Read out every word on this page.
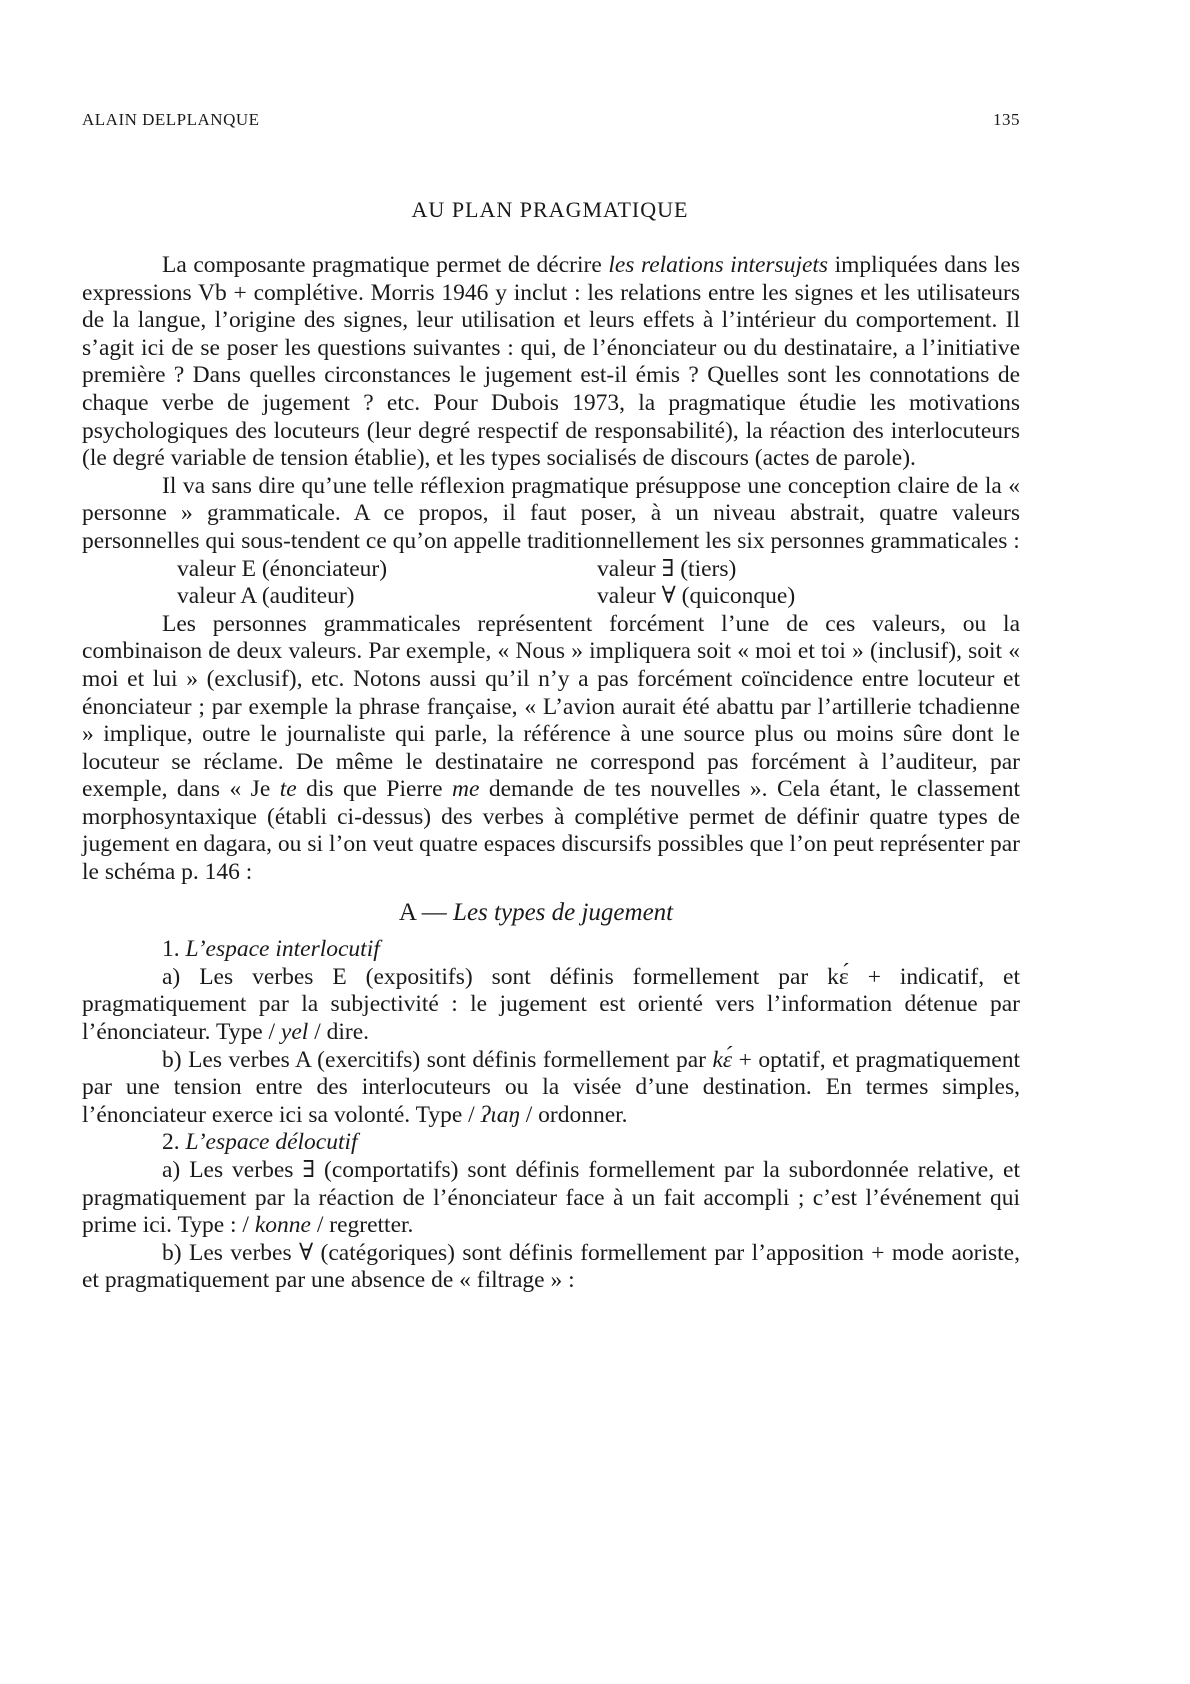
ALAIN DELPLANQUE	135
AU PLAN PRAGMATIQUE

La composante pragmatique permet de décrire les relations intersujets impliquées dans les expressions Vb + complétive. Morris 1946 y inclut : les relations entre les signes et les utilisateurs de la langue, l’origine des signes, leur utilisation et leurs effets à l’intérieur du comportement. Il s’agit ici de se poser les questions suivantes : qui, de l’énonciateur ou du destinataire, a l’initiative première ? Dans quelles circonstances le jugement est-il émis ? Quelles sont les connotations de chaque verbe de jugement ? etc. Pour Dubois 1973, la pragmatique étudie les motivations psychologiques des locuteurs (leur degré respectif de responsabilité), la réaction des interlocuteurs (le degré variable de tension établie), et les types socialisés de discours (actes de parole).

Il va sans dire qu’une telle réflexion pragmatique présuppose une conception claire de la « personne » grammaticale. A ce propos, il faut poser, à un niveau abstrait, quatre valeurs personnelles qui sous-tendent ce qu’on appelle traditionnellement les six personnes grammaticales :

valeur E (énonciateur)	valeur ∃ (tiers)
valeur A (auditeur)	valeur ∀ (quiconque)

Les personnes grammaticales représentent forcément l’une de ces valeurs, ou la combinaison de deux valeurs. Par exemple, « Nous » impliquera soit « moi et toi » (inclusif), soit « moi et lui » (exclusif), etc. Notons aussi qu’il n’y a pas forcément coïncidence entre locuteur et énonciateur ; par exemple la phrase française, « L’avion aurait été abattu par l’artillerie tchadienne » implique, outre le journaliste qui parle, la référence à une source plus ou moins sûre dont le locuteur se réclame. De même le destinataire ne correspond pas forcément à l’auditeur, par exemple, dans « Je te dis que Pierre me demande de tes nouvelles ». Cela étant, le classement morphosyntaxique (établi ci-dessus) des verbes à complétive permet de définir quatre types de jugement en dagara, ou si l’on veut quatre espaces discursifs possibles que l’on peut représenter par le schéma p. 146 :

A — Les types de jugement
1. L’espace interlocutif

a) Les verbes E (expositifs) sont définis formellement par kɛ́ + indicatif, et pragmatiquement par la subjectivité : le jugement est orienté vers l’information détenue par l’énonciateur. Type / yel / dire.

b) Les verbes A (exercitifs) sont définis formellement par kɛ́ + optatif, et pragmatiquement par une tension entre des interlocuteurs ou la visée d’une destination. En termes simples, l’énonciateur exerce ici sa volonté. Type / ʔɩaŋ / ordonner.

2. L’espace délocutif

a) Les verbes ∃ (comportatifs) sont définis formellement par la subordonnée relative, et pragmatiquement par la réaction de l’énonciateur face à un fait accompli ; c’est l’événement qui prime ici. Type : / konne / regretter.

b) Les verbes ∀ (catégoriques) sont définis formellement par l’apposition + mode aoriste, et pragmatiquement par une absence de « filtrage » :
